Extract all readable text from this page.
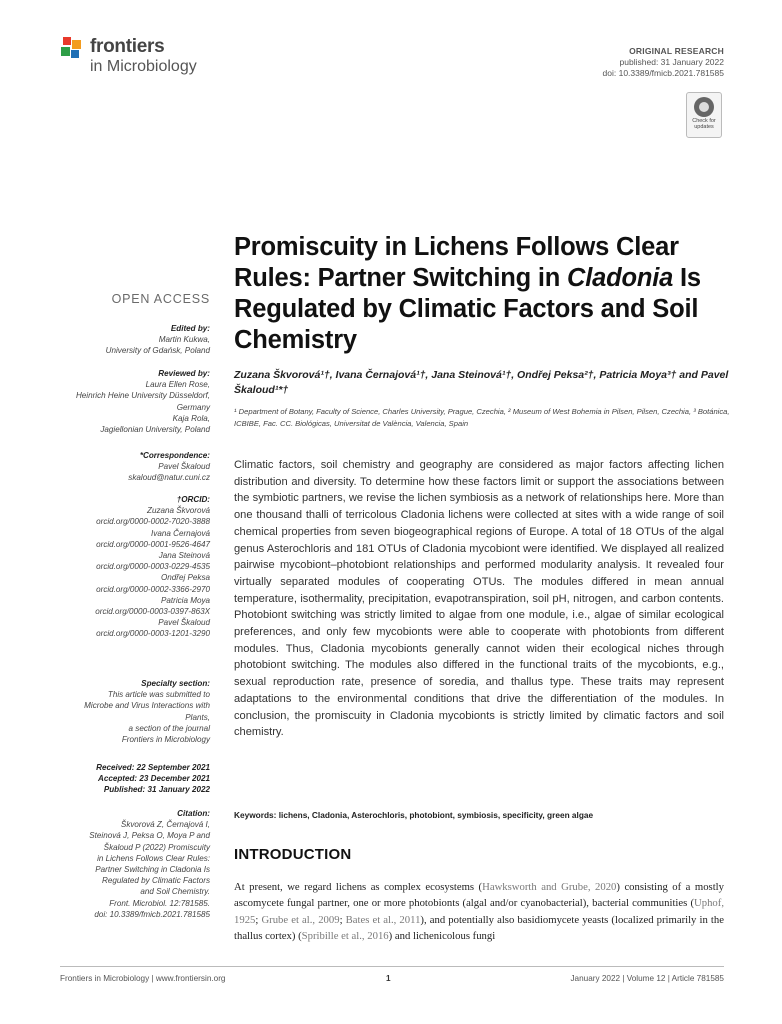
frontiers
in Microbiology
ORIGINAL RESEARCH
published: 31 January 2022
doi: 10.3389/fmicb.2021.781585
Check for updates
Promiscuity in Lichens Follows Clear Rules: Partner Switching in Cladonia Is Regulated by Climatic Factors and Soil Chemistry
Zuzana Škvorová¹†, Ivana Černajová¹†, Jana Steinová¹†, Ondřej Peksa²†, Patricia Moya³† and Pavel Škaloud¹*†
¹ Department of Botany, Faculty of Science, Charles University, Prague, Czechia, ² Museum of West Bohemia in Pilsen, Pilsen, Czechia, ³ Botánica, ICBIBE, Fac. CC. Biológicas, Universitat de València, Valencia, Spain
Climatic factors, soil chemistry and geography are considered as major factors affecting lichen distribution and diversity. To determine how these factors limit or support the associations between the symbiotic partners, we revise the lichen symbiosis as a network of relationships here. More than one thousand thalli of terricolous Cladonia lichens were collected at sites with a wide range of soil chemical properties from seven biogeographical regions of Europe. A total of 18 OTUs of the algal genus Asterochloris and 181 OTUs of Cladonia mycobiont were identified. We displayed all realized pairwise mycobiont–photobiont relationships and performed modularity analysis. It revealed four virtually separated modules of cooperating OTUs. The modules differed in mean annual temperature, isothermality, precipitation, evapotranspiration, soil pH, nitrogen, and carbon contents. Photobiont switching was strictly limited to algae from one module, i.e., algae of similar ecological preferences, and only few mycobionts were able to cooperate with photobionts from different modules. Thus, Cladonia mycobionts generally cannot widen their ecological niches through photobiont switching. The modules also differed in the functional traits of the mycobionts, e.g., sexual reproduction rate, presence of soredia, and thallus type. These traits may represent adaptations to the environmental conditions that drive the differentiation of the modules. In conclusion, the promiscuity in Cladonia mycobionts is strictly limited by climatic factors and soil chemistry.
Keywords: lichens, Cladonia, Asterochloris, photobiont, symbiosis, specificity, green algae
INTRODUCTION
At present, we regard lichens as complex ecosystems (Hawksworth and Grube, 2020) consisting of a mostly ascomycete fungal partner, one or more photobionts (algal and/or cyanobacterial), bacterial communities (Uphof, 1925; Grube et al., 2009; Bates et al., 2011), and potentially also basidiomycete yeasts (localized primarily in the thallus cortex) (Spribille et al., 2016) and lichenicolous fungi
OPEN ACCESS
Edited by:
Martin Kukwa,
University of Gdańsk, Poland
Reviewed by:
Laura Ellen Rose,
Heinrich Heine University Düsseldorf,
Germany
Kaja Rola,
Jagiellonian University, Poland
*Correspondence:
Pavel Škaloud
skaloud@natur.cuni.cz
†ORCID:
Zuzana Škvorová
orcid.org/0000-0002-7020-3888
Ivana Černajová
orcid.org/0000-0001-9526-4647
Jana Steinová
orcid.org/0000-0003-0229-4535
Ondřej Peksa
orcid.org/0000-0002-3366-2970
Patricia Moya
orcid.org/0000-0003-0397-863X
Pavel Škaloud
orcid.org/0000-0003-1201-3290
Specialty section:
This article was submitted to
Microbe and Virus Interactions with
Plants,
a section of the journal
Frontiers in Microbiology
Received: 22 September 2021
Accepted: 23 December 2021
Published: 31 January 2022
Citation:
Škvorová Z, Černajová I,
Steinová J, Peksa O, Moya P and
Škaloud P (2022) Promiscuity
in Lichens Follows Clear Rules:
Partner Switching in Cladonia Is
Regulated by Climatic Factors
and Soil Chemistry.
Front. Microbiol. 12:781585.
doi: 10.3389/fmicb.2021.781585
Frontiers in Microbiology | www.frontiersin.org	1	January 2022 | Volume 12 | Article 781585
